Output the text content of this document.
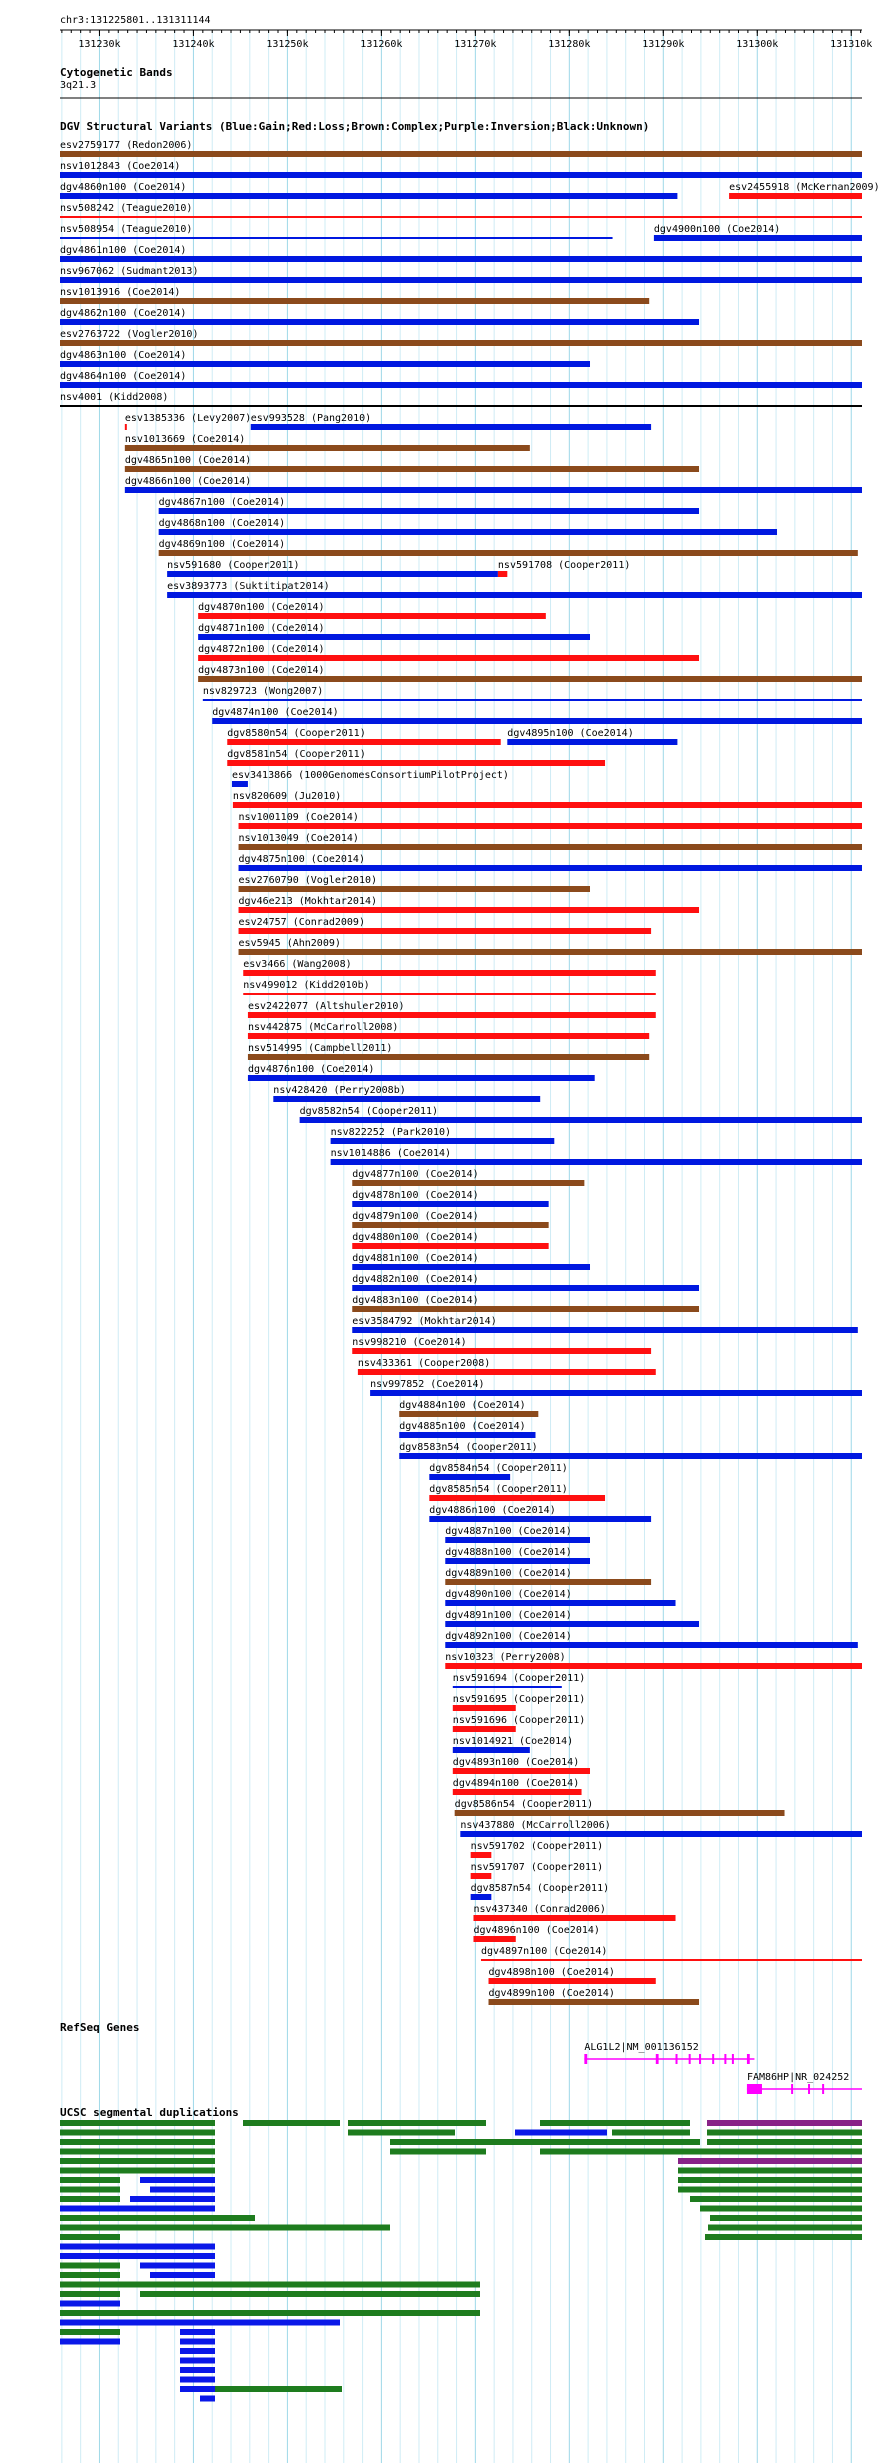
chr3:131225801..131311144
131230k	131240k	131250k	131260k	131270k	131280k	131290k	131300k	131310k
Cytogenetic Bands
3q21.3
DGV Structural Variants (Blue:Gain;Red:Loss;Brown:Complex;Purple:Inversion;Black:Unknown)
esv2759177 (Redon2006)
nsv1012843 (Coe2014)
dgv4860n100 (Coe2014)	esv2455918 (McKernan2009)
nsv508242 (Teague2010)
nsv508954 (Teague2010)	dgv4900n100 (Coe2014)
dgv4861n100 (Coe2014)
nsv967062 (Sudmant2013)
nsv1013916 (Coe2014)
dgv4862n100 (Coe2014)
esv2763722 (Vogler2010)
dgv4863n100 (Coe2014)
dgv4864n100 (Coe2014)
nsv4001 (Kidd2008)
esv1385336 (Levy2007) esv993528 (Pang2010)
nsv1013669 (Coe2014)
dgv4865n100 (Coe2014)
dgv4866n100 (Coe2014)
dgv4867n100 (Coe2014)
dgv4868n100 (Coe2014)
dgv4869n100 (Coe2014)
nsv591680 (Cooper2011)	nsv591708 (Cooper2011)
esv3893773 (Suktitipat2014)
dgv4870n100 (Coe2014)
dgv4871n100 (Coe2014)
dgv4872n100 (Coe2014)
dgv4873n100 (Coe2014)
nsv829723 (Wong2007)
dgv4874n100 (Coe2014)
dgv8580n54 (Cooper2011)	dgv4895n100 (Coe2014)
dgv8581n54 (Cooper2011)
esv3413866 (1000GenomesConsortiumPilotProject)
nsv820609 (Ju2010)
nsv1001109 (Coe2014)
nsv1013049 (Coe2014)
dgv4875n100 (Coe2014)
esv2760790 (Vogler2010)
dgv46e213 (Mokhtar2014)
esv24757 (Conrad2009)
esv5945 (Ahn2009)
esv3466 (Wang2008)
nsv499012 (Kidd2010b)
esv2422077 (Altshuler2010)
nsv442875 (McCarroll2008)
nsv514995 (Campbell2011)
dgv4876n100 (Coe2014)
nsv428420 (Perry2008b)
dgv8582n54 (Cooper2011)
nsv822252 (Park2010)
nsv1014886 (Coe2014)
dgv4877n100 (Coe2014)
dgv4878n100 (Coe2014)
dgv4879n100 (Coe2014)
dgv4880n100 (Coe2014)
dgv4881n100 (Coe2014)
dgv4882n100 (Coe2014)
dgv4883n100 (Coe2014)
esv3584792 (Mokhtar2014)
nsv998210 (Coe2014)
nsv433361 (Cooper2008)
nsv997852 (Coe2014)
dgv4884n100 (Coe2014)
dgv4885n100 (Coe2014)
dgv8583n54 (Cooper2011)
dgv8584n54 (Cooper2011)
dgv8585n54 (Cooper2011)
dgv4886n100 (Coe2014)
dgv4887n100 (Coe2014)
dgv4888n100 (Coe2014)
dgv4889n100 (Coe2014)
dgv4890n100 (Coe2014)
dgv4891n100 (Coe2014)
dgv4892n100 (Coe2014)
nsv10323 (Perry2008)
nsv591694 (Cooper2011)
nsv591695 (Cooper2011)
nsv591696 (Cooper2011)
nsv1014921 (Coe2014)
dgv4893n100 (Coe2014)
dgv4894n100 (Coe2014)
dgv8586n54 (Cooper2011)
nsv437880 (McCarroll2006)
nsv591702 (Cooper2011)
nsv591707 (Cooper2011)
dgv8587n54 (Cooper2011)
nsv437340 (Conrad2006)
dgv4896n100 (Coe2014)
dgv4897n100 (Coe2014)
dgv4898n100 (Coe2014)
dgv4899n100 (Coe2014)
RefSeq Genes
ALG1L2|NM_001136152
FAM86HP|NR_024252
UCSC segmental duplications
